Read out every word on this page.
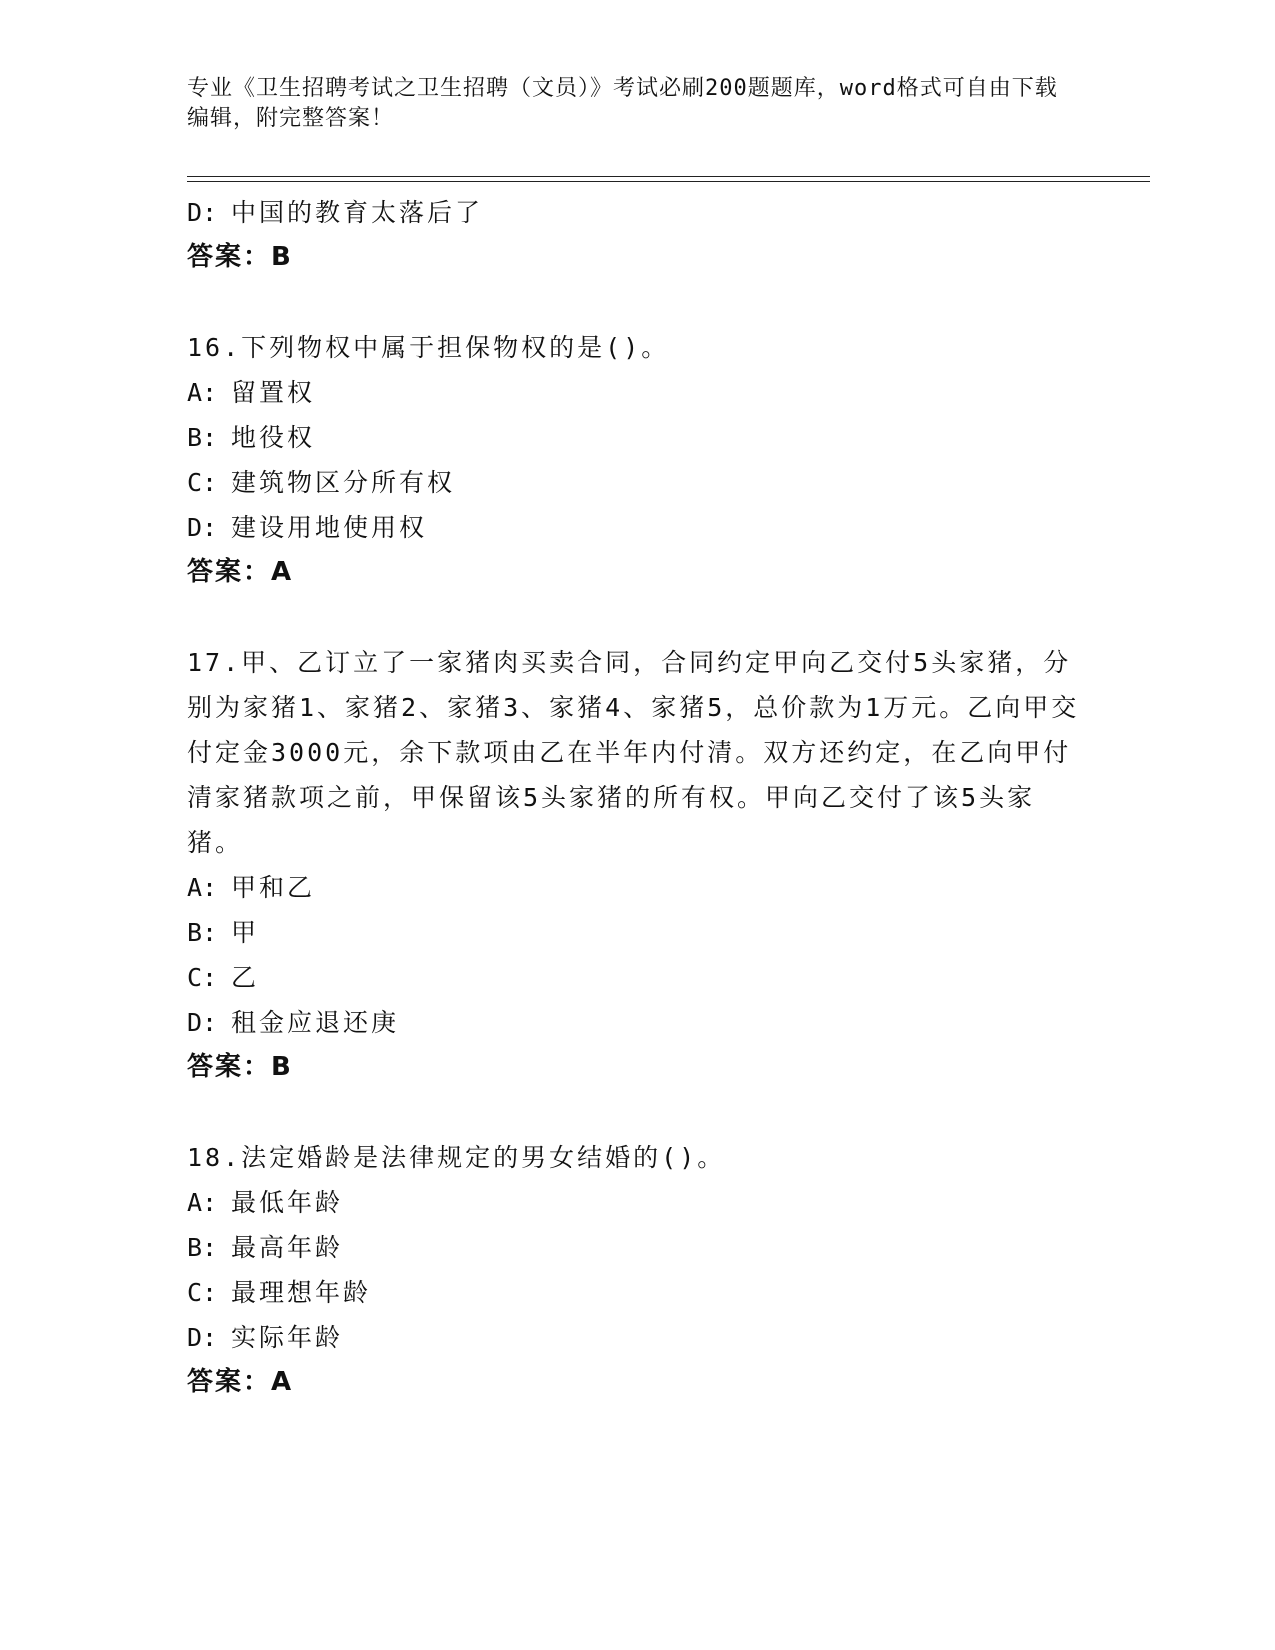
专业《卫生招聘考试之卫生招聘（文员）》考试必刷200题题库，word格式可自由下载编辑，附完整答案！
D: 中国的教育太落后了
答案：B
16.下列物权中属于担保物权的是()。
A: 留置权
B: 地役权
C: 建筑物区分所有权
D: 建设用地使用权
答案：A
17.甲、乙订立了一家猪肉买卖合同，合同约定甲向乙交付5头家猪，分别为家猪1、家猪2、家猪3、家猪4、家猪5，总价款为1万元。乙向甲交付定金3000元，余下款项由乙在半年内付清。双方还约定，在乙向甲付清家猪款项之前，甲保留该5头家猪的所有权。甲向乙交付了该5头家猪。
A: 甲和乙
B: 甲
C: 乙
D: 租金应退还庚
答案：B
18.法定婚龄是法律规定的男女结婚的()。
A: 最低年龄
B: 最高年龄
C: 最理想年龄
D: 实际年龄
答案：A
